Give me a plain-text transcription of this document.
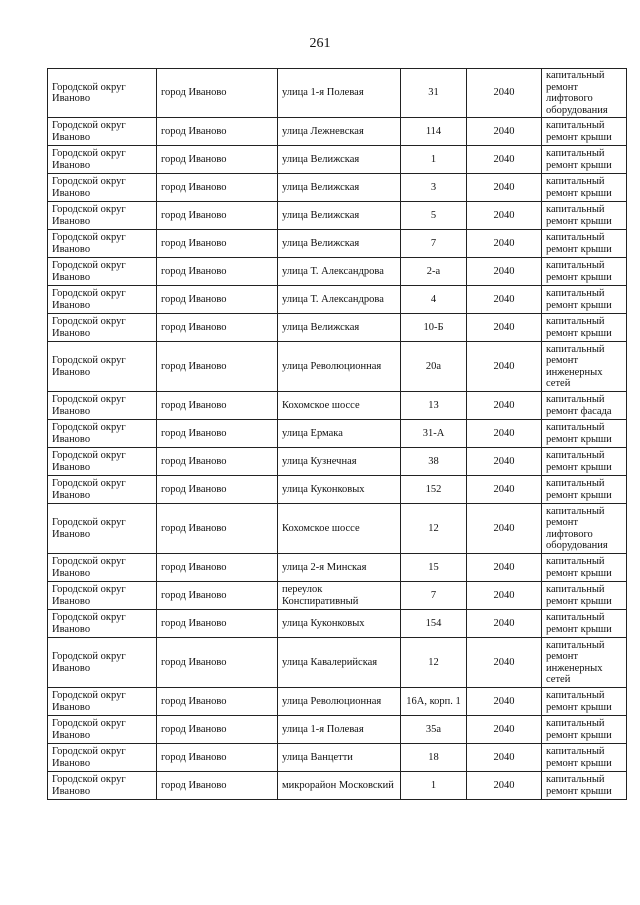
261
Городской округ Иваново	город Иваново	улица 1-я Полевая	31	2040	капитальный ремонт лифтового оборудования
Городской округ Иваново	город Иваново	улица Лежневская	114	2040	капитальный ремонт крыши
Городской округ Иваново	город Иваново	улица Велижская	1	2040	капитальный ремонт крыши
Городской округ Иваново	город Иваново	улица Велижская	3	2040	капитальный ремонт крыши
Городской округ Иваново	город Иваново	улица Велижская	5	2040	капитальный ремонт крыши
Городской округ Иваново	город Иваново	улица Велижская	7	2040	капитальный ремонт крыши
Городской округ Иваново	город Иваново	улица Т. Александрова	2-а	2040	капитальный ремонт крыши
Городской округ Иваново	город Иваново	улица Т. Александрова	4	2040	капитальный ремонт крыши
Городской округ Иваново	город Иваново	улица Велижская	10-Б	2040	капитальный ремонт крыши
Городской округ Иваново	город Иваново	улица Революционная	20а	2040	капитальный ремонт инженерных сетей
Городской округ Иваново	город Иваново	Кохомское шоссе	13	2040	капитальный ремонт фасада
Городской округ Иваново	город Иваново	улица Ермака	31-А	2040	капитальный ремонт крыши
Городской округ Иваново	город Иваново	улица Кузнечная	38	2040	капитальный ремонт крыши
Городской округ Иваново	город Иваново	улица Куконковых	152	2040	капитальный ремонт крыши
Городской округ Иваново	город Иваново	Кохомское шоссе	12	2040	капитальный ремонт лифтового оборудования
Городской округ Иваново	город Иваново	улица 2-я Минская	15	2040	капитальный ремонт крыши
Городской округ Иваново	город Иваново	переулок Конспиративный	7	2040	капитальный ремонт крыши
Городской округ Иваново	город Иваново	улица Куконковых	154	2040	капитальный ремонт крыши
Городской округ Иваново	город Иваново	улица Кавалерийская	12	2040	капитальный ремонт инженерных сетей
Городской округ Иваново	город Иваново	улица Революционная	16А, корп. 1	2040	капитальный ремонт крыши
Городской округ Иваново	город Иваново	улица 1-я Полевая	35а	2040	капитальный ремонт крыши
Городской округ Иваново	город Иваново	улица Ванцетти	18	2040	капитальный ремонт крыши
Городской округ Иваново	город Иваново	микрорайон Московский	1	2040	капитальный ремонт крыши
